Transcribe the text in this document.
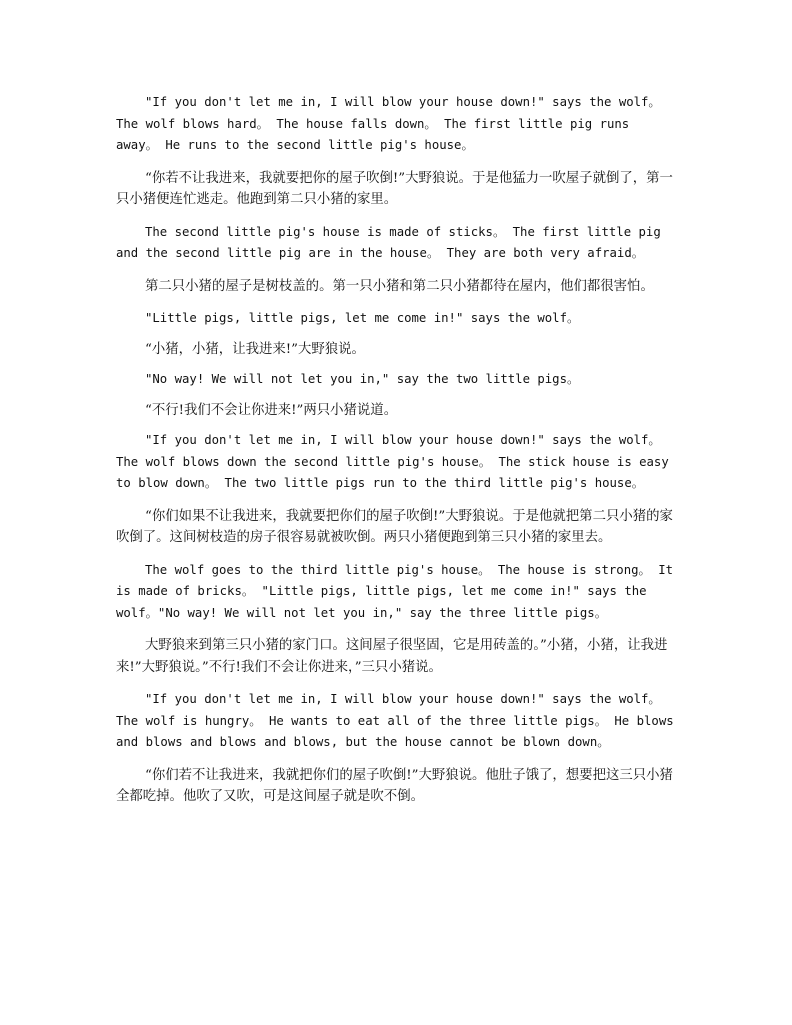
"If you don't let me in, I will blow your house down!" says the wolf。 The wolf blows hard。 The house falls down。 The first little pig runs away。 He runs to the second little pig's house。

“你若不让我进来，我就要把你的屋子吹倒!”大野狼说。于是他猛力一吹屋子就倒了，第一只小猪便连忙逃走。他跑到第二只小猪的家里。

The second little pig's house is made of sticks。 The first little pig and the second little pig are in the house。 They are both very afraid。

第二只小猪的屋子是树枝盖的。第一只小猪和第二只小猪都待在屋内，他们都很害怕。

"Little pigs, little pigs, let me come in!" says the wolf。

“小猪，小猪，让我进来!”大野狼说。

"No way! We will not let you in," say the two little pigs。

“不行!我们不会让你进来!”两只小猪说道。

"If you don't let me in, I will blow your house down!" says the wolf。 The wolf blows down the second little pig's house。 The stick house is easy to blow down。 The two little pigs run to the third little pig's house。

“你们如果不让我进来，我就要把你们的屋子吹倒!”大野狼说。于是他就把第二只小猪的家吹倒了。这间树枝造的房子很容易就被吹倒。两只小猪便跑到第三只小猪的家里去。

The wolf goes to the third little pig's house。 The house is strong。 It is made of bricks。 "Little pigs, little pigs, let me come in!" says the wolf。"No way! We will not let you in," say the three little pigs。

大野狼来到第三只小猪的家门口。这间屋子很坚固，它是用砖盖的。”小猪，小猪，让我进来!”大野狼说。”不行!我们不会让你进来，”三只小猪说。

"If you don't let me in, I will blow your house down!" says the wolf。 The wolf is hungry。 He wants to eat all of the three little pigs。 He blows and blows and blows and blows, but the house cannot be blown down。

“你们若不让我进来，我就把你们的屋子吹倒!”大野狼说。他肚子饿了，想要把这三只小猪全都吃掉。他吹了又吹，可是这间屋子就是吹不倒。
